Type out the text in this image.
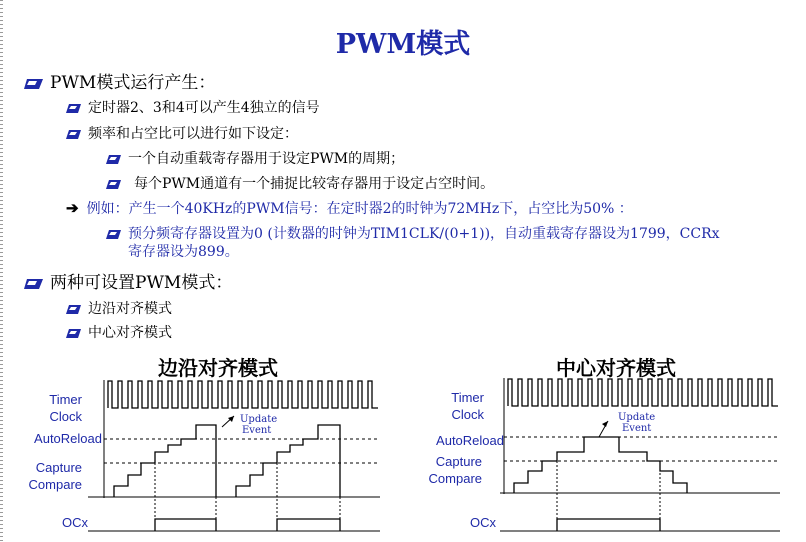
PWM模式
PWM模式运行产生：
定时器2、3和4可以产生4独立的信号
频率和占空比可以进行如下设定：
一个自动重载寄存器用于设定PWM的周期；
每个PWM通道有一个捕捉比较寄存器用于设定占空时间。
➔ 例如：产生一个40KHz的PWM信号：在定时器2的时钟为72MHz下，占空比为50% ：
预分频寄存器设置为0 (计数器的时钟为TIM1CLK/(0+1))，自动重载寄存器设为1799，CCRx
寄存器设为899。
两种可设置PWM模式：
边沿对齐模式
中心对齐模式
边沿对齐模式
Timer
Clock
AutoReload
Capture
Compare
OCx
Update
Event
中心对齐模式
Timer
Clock
AutoReload
Capture
Compare
OCx
Update
Event
